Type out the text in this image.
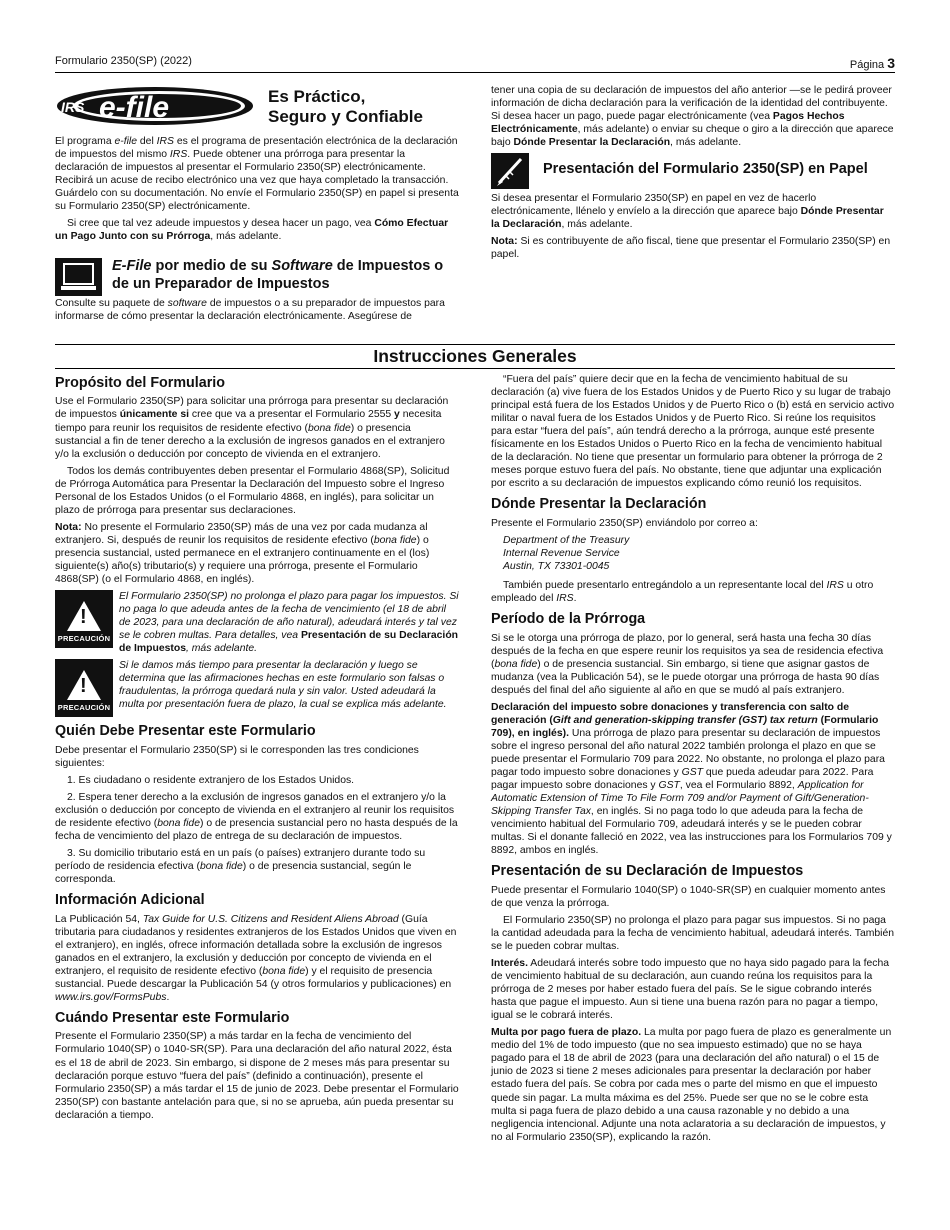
Formulario 2350(SP) (2022)	Página 3
IRS e-file	Es Práctico,
Seguro y Confiable

El programa e-file del IRS es el programa de presentación electrónica de la declaración de impuestos del mismo IRS. Puede obtener una prórroga para presentar la declaración de impuestos al presentar el Formulario 2350(SP) electrónicamente. Recibirá un acuse de recibo electrónico una vez que haya completado la transacción. Guárdelo con su documentación. No envíe el Formulario 2350(SP) en papel si presenta su Formulario 2350(SP) electrónicamente.

Si cree que tal vez adeude impuestos y desea hacer un pago, vea Cómo Efectuar un Pago Junto con su Prórroga, más adelante.

E-File por medio de su Software de Impuestos o de un Preparador de Impuestos

Consulte su paquete de software de impuestos o a su preparador de impuestos para informarse de cómo presentar la declaración electrónicamente. Asegúrese de

tener una copia de su declaración de impuestos del año anterior —se le pedirá proveer información de dicha declaración para la verificación de la identidad del contribuyente. Si desea hacer un pago, puede pagar electrónicamente (vea Pagos Hechos Electrónicamente, más adelante) o enviar su cheque o giro a la dirección que aparece bajo Dónde Presentar la Declaración, más adelante.

Presentación del Formulario 2350(SP) en Papel

Si desea presentar el Formulario 2350(SP) en papel en vez de hacerlo electrónicamente, llénelo y envíelo a la dirección que aparece bajo Dónde Presentar la Declaración, más adelante.

Nota: Si es contribuyente de año fiscal, tiene que presentar el Formulario 2350(SP) en papel.

Instrucciones Generales
Propósito del Formulario

Use el Formulario 2350(SP) para solicitar una prórroga para presentar su declaración de impuestos únicamente si cree que va a presentar el Formulario 2555 y necesita tiempo para reunir los requisitos de residente efectivo (bona fide) o presencia sustancial a fin de tener derecho a la exclusión de ingresos ganados en el extranjero y/o la exclusión o deducción por concepto de vivienda en el extranjero.

Todos los demás contribuyentes deben presentar el Formulario 4868(SP), Solicitud de Prórroga Automática para Presentar la Declaración del Impuesto sobre el Ingreso Personal de los Estados Unidos (o el Formulario 4868, en inglés), para solicitar un plazo de prórroga para presentar sus declaraciones.

Nota: No presente el Formulario 2350(SP) más de una vez por cada mudanza al extranjero. Si, después de reunir los requisitos de residente efectivo (bona fide) o presencia sustancial, usted permanece en el extranjero continuamente en el (los) siguiente(s) año(s) tributario(s) y requiere una prórroga, presente el Formulario 4868(SP) (o el Formulario 4868, en inglés).

!
PRECAUCIÓN
El Formulario 2350(SP) no prolonga el plazo para pagar los impuestos. Si no paga lo que adeuda antes de la fecha de vencimiento (el 18 de abril de 2023, para una declaración de año natural), adeudará interés y tal vez se le cobren multas. Para detalles, vea Presentación de su Declaración de Impuestos, más adelante.
!
PRECAUCIÓN
Si le damos más tiempo para presentar la declaración y luego se determina que las afirmaciones hechas en este formulario son falsas o fraudulentas, la prórroga quedará nula y sin valor. Usted adeudará la multa por presentación fuera de plazo, la cual se explica más adelante.
Quién Debe Presentar este Formulario

Debe presentar el Formulario 2350(SP) si le corresponden las tres condiciones siguientes:

1. Es ciudadano o residente extranjero de los Estados Unidos.

2. Espera tener derecho a la exclusión de ingresos ganados en el extranjero y/o la exclusión o deducción por concepto de vivienda en el extranjero al reunir los requisitos de residente efectivo (bona fide) o de presencia sustancial pero no hasta después de la fecha de vencimiento del plazo de entrega de su declaración de impuestos.

3. Su domicilio tributario está en un país (o países) extranjero durante todo su período de residencia efectiva (bona fide) o de presencia sustancial, según le corresponda.

Información Adicional

La Publicación 54, Tax Guide for U.S. Citizens and Resident Aliens Abroad (Guía tributaria para ciudadanos y residentes extranjeros de los Estados Unidos que viven en el extranjero), en inglés, ofrece información detallada sobre la exclusión de ingresos ganados en el extranjero, la exclusión y deducción por concepto de vivienda en el extranjero, el requisito de residente efectivo (bona fide) y el requisito de presencia sustancial. Puede descargar la Publicación 54 (y otros formularios y publicaciones) en www.irs.gov/FormsPubs.

Cuándo Presentar este Formulario

Presente el Formulario 2350(SP) a más tardar en la fecha de vencimiento del Formulario 1040(SP) o 1040-SR(SP). Para una declaración del año natural 2022, ésta es el 18 de abril de 2023. Sin embargo, si dispone de 2 meses más para presentar su declaración porque estuvo “fuera del país” (definido a continuación), presente el Formulario 2350(SP) a más tardar el 15 de junio de 2023. Debe presentar el Formulario 2350(SP) con bastante antelación para que, si no se aprueba, aún pueda presentar su declaración a tiempo.

“Fuera del país” quiere decir que en la fecha de vencimiento habitual de su declaración (a) vive fuera de los Estados Unidos y de Puerto Rico y su lugar de trabajo principal está fuera de los Estados Unidos y de Puerto Rico o (b) está en servicio activo militar o naval fuera de los Estados Unidos y de Puerto Rico. Si reúne los requisitos para estar “fuera del país”, aún tendrá derecho a la prórroga, aunque esté presente físicamente en los Estados Unidos o Puerto Rico en la fecha de vencimiento habitual de la declaración. No tiene que presentar un formulario para obtener la prórroga de 2 meses porque estuvo fuera del país. No obstante, tiene que adjuntar una explicación por escrito a su declaración de impuestos explicando cómo reunió los requisitos.

Dónde Presentar la Declaración

Presente el Formulario 2350(SP) enviándolo por correo a:

Department of the Treasury
Internal Revenue Service
Austin, TX 73301-0045

También puede presentarlo entregándolo a un representante local del IRS u otro empleado del IRS.

Período de la Prórroga

Si se le otorga una prórroga de plazo, por lo general, será hasta una fecha 30 días después de la fecha en que espere reunir los requisitos ya sea de residencia efectiva (bona fide) o de presencia sustancial. Sin embargo, si tiene que asignar gastos de mudanza (vea la Publicación 54), se le puede otorgar una prórroga de hasta 90 días después del final del año siguiente al año en que se mudó al país extranjero.

Declaración del impuesto sobre donaciones y transferencia con salto de generación (Gift and generation-skipping transfer (GST) tax return (Formulario 709), en inglés). Una prórroga de plazo para presentar su declaración de impuestos sobre el ingreso personal del año natural 2022 también prolonga el plazo en que se puede presentar el Formulario 709 para 2022. No obstante, no prolonga el plazo para pagar todo impuesto sobre donaciones y GST que pueda adeudar para 2022. Para pagar impuesto sobre donaciones y GST, vea el Formulario 8892, Application for Automatic Extension of Time To File Form 709 and/or Payment of Gift/Generation-Skipping Transfer Tax, en inglés. Si no paga todo lo que adeuda para la fecha de vencimiento habitual del Formulario 709, adeudará interés y se le pueden cobrar multas. Si el donante falleció en 2022, vea las instrucciones para los Formularios 709 y 8892, ambos en inglés.

Presentación de su Declaración de Impuestos

Puede presentar el Formulario 1040(SP) o 1040-SR(SP) en cualquier momento antes de que venza la prórroga.

El Formulario 2350(SP) no prolonga el plazo para pagar sus impuestos. Si no paga la cantidad adeudada para la fecha de vencimiento habitual, adeudará interés. También se le pueden cobrar multas.

Interés. Adeudará interés sobre todo impuesto que no haya sido pagado para la fecha de vencimiento habitual de su declaración, aun cuando reúna los requisitos para la prórroga de 2 meses por haber estado fuera del país. Se le sigue cobrando interés hasta que pague el impuesto. Aun si tiene una buena razón para no pagar a tiempo, igual se le cobrará interés.

Multa por pago fuera de plazo. La multa por pago fuera de plazo es generalmente un medio del 1% de todo impuesto (que no sea impuesto estimado) que no se haya pagado para el 18 de abril de 2023 (para una declaración del año natural) o el 15 de junio de 2023 si tiene 2 meses adicionales para presentar la declaración por haber estado fuera del país. Se cobra por cada mes o parte del mismo en que el impuesto quede sin pagar. La multa máxima es del 25%. Puede ser que no se le cobre esta multa si paga fuera de plazo debido a una causa razonable y no debido a una negligencia intencional. Adjunte una nota aclaratoria a su declaración de impuestos, y no al Formulario 2350(SP), explicando la razón.
